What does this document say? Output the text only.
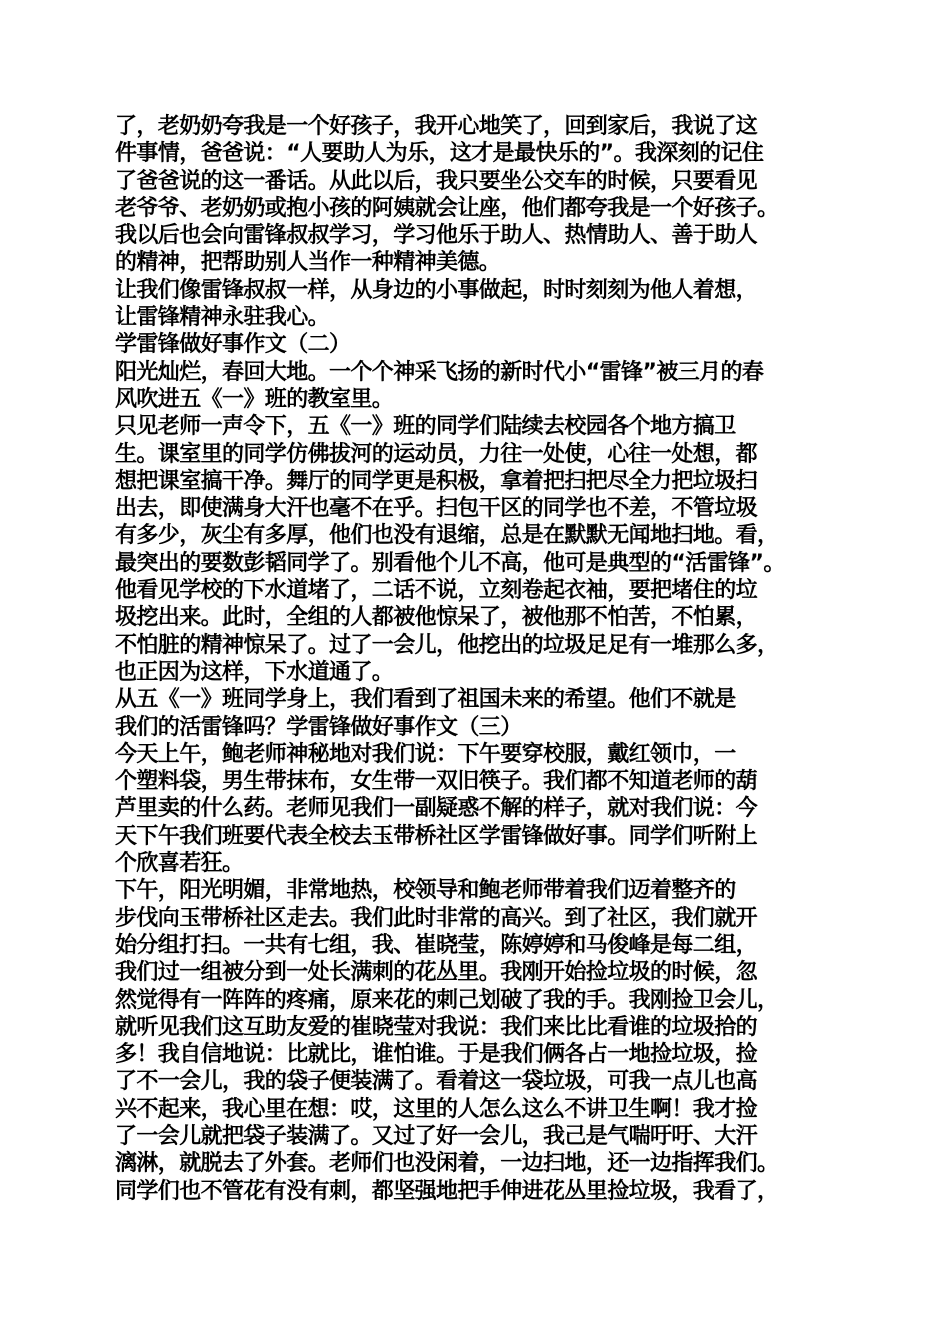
了，老奶奶夸我是一个好孩子，我开心地笑了，回到家后，我说了这
件事情，爸爸说：“人要助人为乐，这才是最快乐的”。我深刻的记住
了爸爸说的这一番话。从此以后，我只要坐公交车的时候，只要看见
老爷爷、老奶奶或抱小孩的阿姨就会让座，他们都夸我是一个好孩子。
我以后也会向雷锋叔叔学习，学习他乐于助人、热情助人、善于助人
的精神，把帮助别人当作一种精神美德。
让我们像雷锋叔叔一样，从身边的小事做起，时时刻刻为他人着想，
让雷锋精神永驻我心。
学雷锋做好事作文（二）
阳光灿烂，春回大地。一个个神采飞扬的新时代小“雷锋”被三月的春
风吹进五《一》班的教室里。
只见老师一声令下，五《一》班的同学们陆续去校园各个地方搞卫
生。课室里的同学仿佛拔河的运动员，力往一处使，心往一处想，都
想把课室搞干净。舞厅的同学更是积极，拿着把扫把尽全力把垃圾扫
出去，即使满身大汗也毫不在乎。扫包干区的同学也不差，不管垃圾
有多少，灰尘有多厚，他们也没有退缩，总是在默默无闻地扫地。看，
最突出的要数彭韬同学了。别看他个儿不高，他可是典型的“活雷锋”。
他看见学校的下水道堵了，二话不说，立刻卷起衣袖，要把堵住的垃
圾挖出来。此时，全组的人都被他惊呆了，被他那不怕苦，不怕累，
不怕脏的精神惊呆了。过了一会儿，他挖出的垃圾足足有一堆那么多，
也正因为这样，下水道通了。
从五《一》班同学身上，我们看到了祖国未来的希望。他们不就是
我们的活雷锋吗？学雷锋做好事作文（三）
今天上午，鲍老师神秘地对我们说：下午要穿校服，戴红领巾，一
个塑料袋，男生带抹布，女生带一双旧筷子。我们都不知道老师的葫
芦里卖的什么药。老师见我们一副疑惑不解的样子，就对我们说：今
天下午我们班要代表全校去玉带桥社区学雷锋做好事。同学们听附上
个欣喜若狂。
下午，阳光明媚，非常地热，校领导和鲍老师带着我们迈着整齐的
步伐向玉带桥社区走去。我们此时非常的高兴。到了社区，我们就开
始分组打扫。一共有七组，我、崔晓莹，陈婷婷和马俊峰是每二组，
我们过一组被分到一处长满刺的花丛里。我刚开始捡垃圾的时候，忽
然觉得有一阵阵的疼痛，原来花的刺己划破了我的手。我刚捡卫会儿，
就听见我们这互助友爱的崔晓莹对我说：我们来比比看谁的垃圾拾的
多！我自信地说：比就比，谁怕谁。于是我们俩各占一地捡垃圾，捡
了不一会儿，我的袋子便装满了。看着这一袋垃圾，可我一点儿也高
兴不起来，我心里在想：哎，这里的人怎么这么不讲卫生啊！我才捡
了一会儿就把袋子装满了。又过了好一会儿，我己是气喘吁吁、大汗
漓淋，就脱去了外套。老师们也没闲着，一边扫地，还一边指挥我们。
同学们也不管花有没有刺，都坚强地把手伸进花丛里捡垃圾，我看了，
